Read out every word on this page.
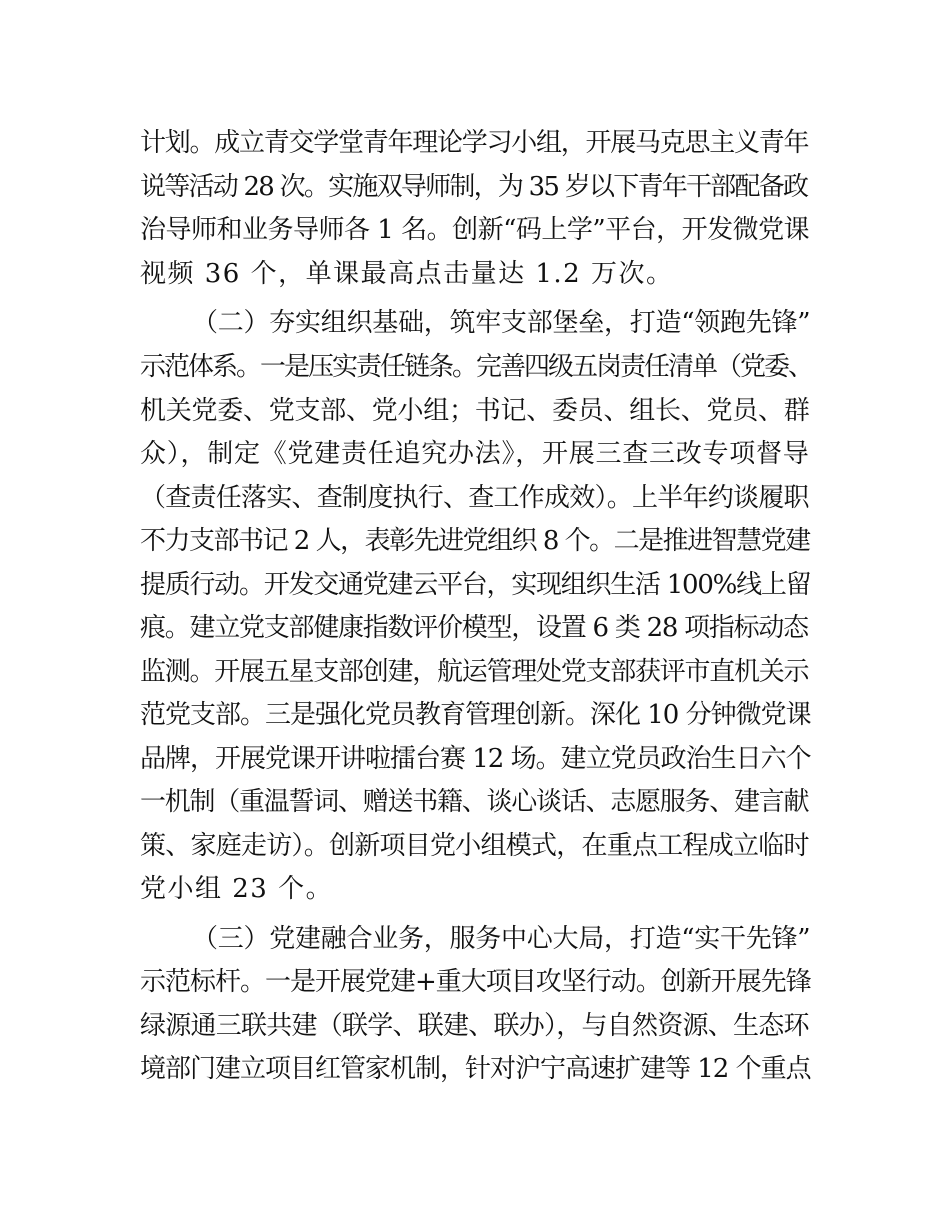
计划。成立青交学堂青年理论学习小组，开展马克思主义青年
说等活动 28 次。实施双导师制，为 35 岁以下青年干部配备政
治导师和业务导师各 1 名。创新“码上学”平台，开发微党课
视频 36 个，单课最高点击量达 1.2 万次。
（二）夯实组织基础，筑牢支部堡垒，打造“领跑先锋”
示范体系。一是压实责任链条。完善四级五岗责任清单（党委、
机关党委、党支部、党小组；书记、委员、组长、党员、群
众），制定《党建责任追究办法》，开展三查三改专项督导
（查责任落实、查制度执行、查工作成效）。上半年约谈履职
不力支部书记 2 人，表彰先进党组织 8 个。二是推进智慧党建
提质行动。开发交通党建云平台，实现组织生活 100%线上留
痕。建立党支部健康指数评价模型，设置 6 类 28 项指标动态
监测。开展五星支部创建，航运管理处党支部获评市直机关示
范党支部。三是强化党员教育管理创新。深化 10 分钟微党课
品牌，开展党课开讲啦擂台赛 12 场。建立党员政治生日六个
一机制（重温誓词、赠送书籍、谈心谈话、志愿服务、建言献
策、家庭走访）。创新项目党小组模式，在重点工程成立临时
党小组 23 个。
（三）党建融合业务，服务中心大局，打造“实干先锋”
示范标杆。一是开展党建+重大项目攻坚行动。创新开展先锋
绿源通三联共建（联学、联建、联办），与自然资源、生态环
境部门建立项目红管家机制，针对沪宁高速扩建等 12 个重点
